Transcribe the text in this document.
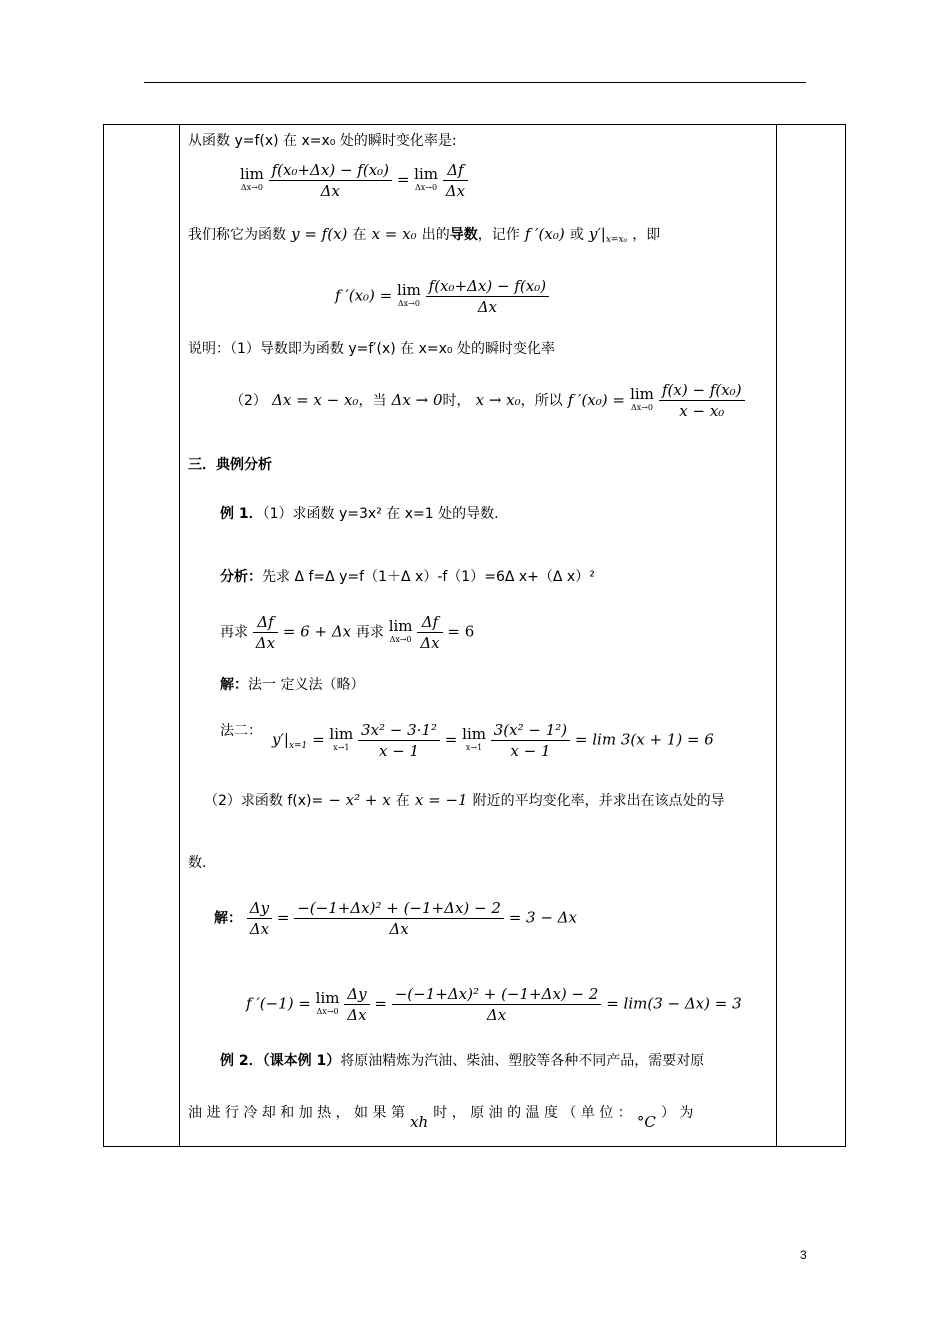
从函数 y=f(x) 在 x=x₀ 处的瞬时变化率是:
lim
Δx→0
$\frac{\text{f(x₀+Δx) − f(x₀)}}{\Delta x} = \lim$
Δx→0
$\frac{\Delta f}{\Delta x}$
我们称它为函数 y = f(x) 在 x = x₀ 出的导数，记作 f ′(x₀) 或 y′|x=x₀ ，即
f ′(x₀) = lim
Δx→0
$\frac{\text{f(x₀+Δx) − f(x₀)}}{\Delta x}$
说明：（1）导数即为函数 y=f′(x) 在 x=x₀ 处的瞬时变化率
（2） Δx = x − x₀，当 Δx → 0时， x → x₀，所以 f ′(x₀) = lim
Δx→0
$\frac{\text{f(x) − f(x₀)}}{\text{x − x₀}}$
三．典例分析
例 1．（1）求函数 y=3x² 在 x=1 处的导数.
分析：先求 Δ f=Δ y=f（1＋Δ x）-f（1）=6Δ x+（Δ x）²
再求 $\frac{\Delta f}{\Delta x} = 6 + \Delta x$ 再求 lim
Δx→0
$\frac{\Delta f}{\Delta x} = 6$
解：法一 定义法（略）
法二： $y'|_{x=1} = \lim$
x→1
$\frac{\text{3x² − 3·1²}}{x - 1} = \lim$
x→1
$\frac{\text{3(x² − 1²)}}{x - 1} = \lim 3(x + 1) = 6$
（2）求函数 f(x)= − x² + x 在 x = −1 附近的平均变化率，并求出在该点处的导
数.
解： $\frac{\Delta y}{\Delta x} = \frac{\text{−(−1+Δx)² + (−1+Δx) − 2}}{\Delta x} = 3 - \Delta x$
f ′(−1) = lim
Δx→0
$\frac{\Delta y}{\Delta x} = \frac{\text{−(−1+Δx)² + (−1+Δx) − 2}}{\Delta x} = \lim(3 - \Delta x) = 3$
例 2．（课本例 1）将原油精炼为汽油、柴油、塑胶等各种不同产品，需要对原
油 进 行 冷 却 和 加 热 ， 如 果 第 xh 时 ， 原 油 的 温 度 （ 单 位 ： °C ） 为
3
